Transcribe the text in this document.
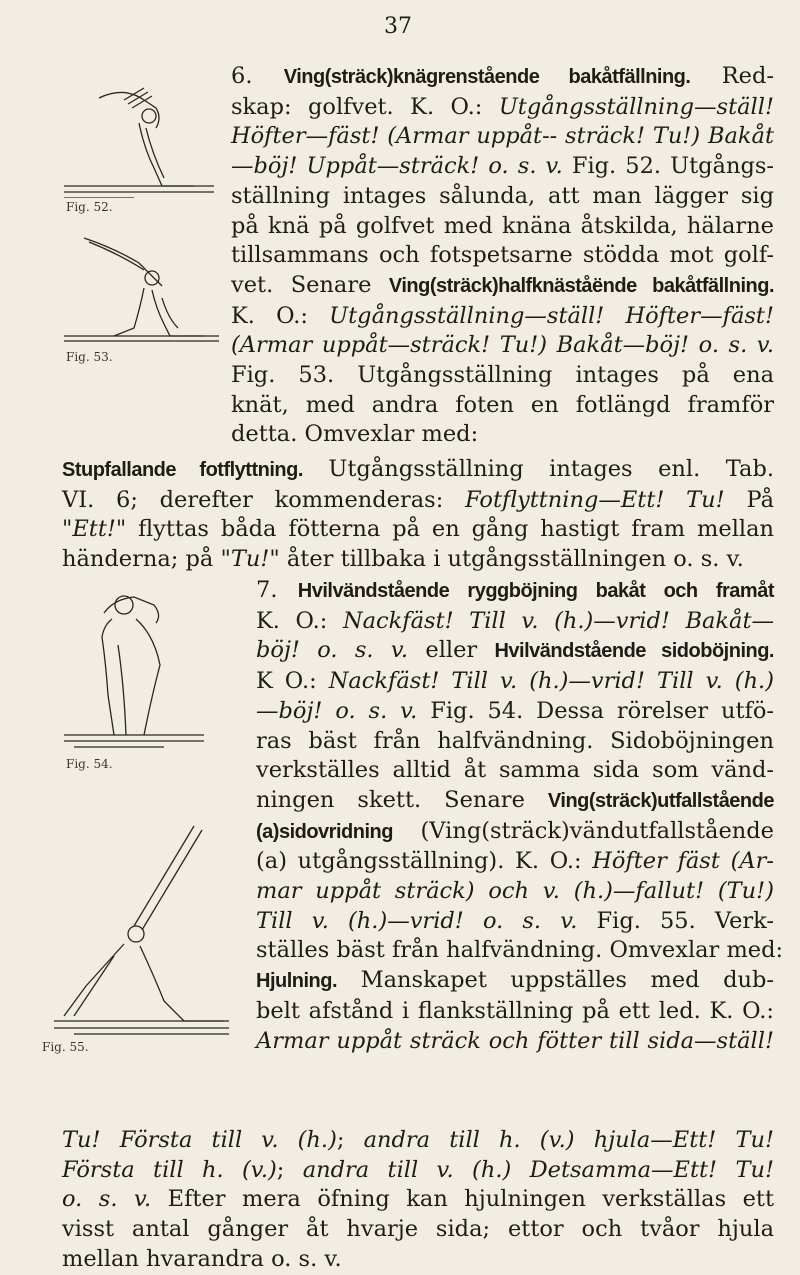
37
Fig. 52.
Fig. 53.
Fig. 54.
Fig. 55.
6. Ving(sträck)knägrenstående bakåtfällning. Red-
skap: golfvet. K. O.: Utgångsställning—ställ!
Höfter—fäst! (Armar uppåt-- sträck! Tu!) Bakåt
—böj! Uppåt—sträck! o. s. v. Fig. 52. Utgångs-
ställning intages sålunda, att man lägger sig
på knä på golfvet med knäna åtskilda, hälarne
tillsammans och fotspetsarne stödda mot golf-
vet. Senare Ving(sträck)halfknäståënde bakåtfällning.
K. O.: Utgångsställning—ställ! Höfter—fäst!
(Armar uppåt—sträck! Tu!) Bakåt—böj! o. s. v.
Fig. 53. Utgångsställning intages på ena
knät, med andra foten en fotlängd framför
detta. Omvexlar med:
Stupfallande fotflyttning. Utgångsställning intages enl. Tab.
VI. 6; derefter kommenderas: Fotflyttning—Ett! Tu! På
"Ett!" flyttas båda fötterna på en gång hastigt fram mellan
händerna; på "Tu!" åter tillbaka i utgångsställningen o. s. v.
7. Hvilvändstående ryggböjning bakåt och framåt
K. O.: Nackfäst! Till v. (h.)—vrid! Bakåt—
böj! o. s. v. eller Hvilvändstående sidoböjning.
K O.: Nackfäst! Till v. (h.)—vrid! Till v. (h.)
—böj! o. s. v. Fig. 54. Dessa rörelser utfö-
ras bäst från halfvändning. Sidoböjningen
verkställes alltid åt samma sida som vänd-
ningen skett. Senare Ving(sträck)utfallstående
(a)sidovridning (Ving(sträck)vändutfallstående
(a) utgångsställning). K. O.: Höfter fäst (Ar-
mar uppåt sträck) och v. (h.)—fallut! (Tu!)
Till v. (h.)—vrid! o. s. v. Fig. 55. Verk-
ställes bäst från halfvändning. Omvexlar med:
Hjulning. Manskapet uppställes med dub-
belt afstånd i flankställning på ett led. K. O.:
Armar uppåt sträck och fötter till sida—ställ!
Tu! Första till v. (h.); andra till h. (v.) hjula—Ett! Tu!
Första till h. (v.); andra till v. (h.) Detsamma—Ett! Tu!
o. s. v. Efter mera öfning kan hjulningen verkställas ett
visst antal gånger åt hvarje sida; ettor och tvåor hjula
mellan hvarandra o. s. v.
